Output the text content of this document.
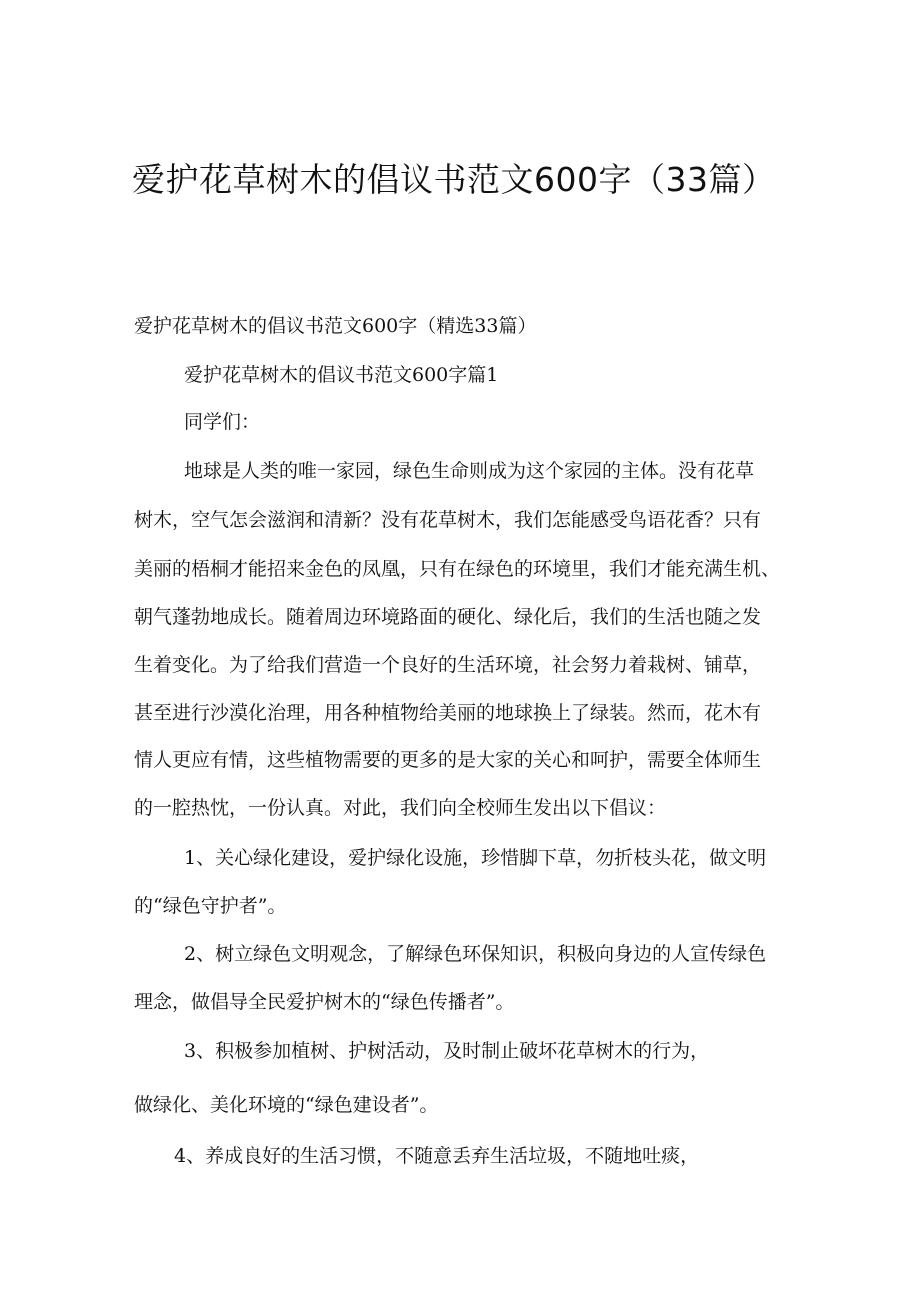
爱护花草树木的倡议书范文600字（33篇）

爱护花草树木的倡议书范文600字（精选33篇）

爱护花草树木的倡议书范文600字篇1

同学们：

地球是人类的唯一家园，绿色生命则成为这个家园的主体。没有花草

树木，空气怎会滋润和清新？没有花草树木，我们怎能感受鸟语花香？只有

美丽的梧桐才能招来金色的凤凰，只有在绿色的环境里，我们才能充满生机、

朝气蓬勃地成长。随着周边环境路面的硬化、绿化后，我们的生活也随之发

生着变化。为了给我们营造一个良好的生活环境，社会努力着栽树、铺草，

甚至进行沙漠化治理，用各种植物给美丽的地球换上了绿装。然而，花木有

情人更应有情，这些植物需要的更多的是大家的关心和呵护，需要全体师生

的一腔热忱，一份认真。对此，我们向全校师生发出以下倡议：

1、关心绿化建设，爱护绿化设施，珍惜脚下草，勿折枝头花，做文明

的“绿色守护者”。

2、树立绿色文明观念，了解绿色环保知识，积极向身边的人宣传绿色

理念，做倡导全民爱护树木的“绿色传播者”。

3、积极参加植树、护树活动，及时制止破坏花草树木的行为，

做绿化、美化环境的“绿色建设者”。

4、养成良好的生活习惯，不随意丢弃生活垃圾，不随地吐痰，
